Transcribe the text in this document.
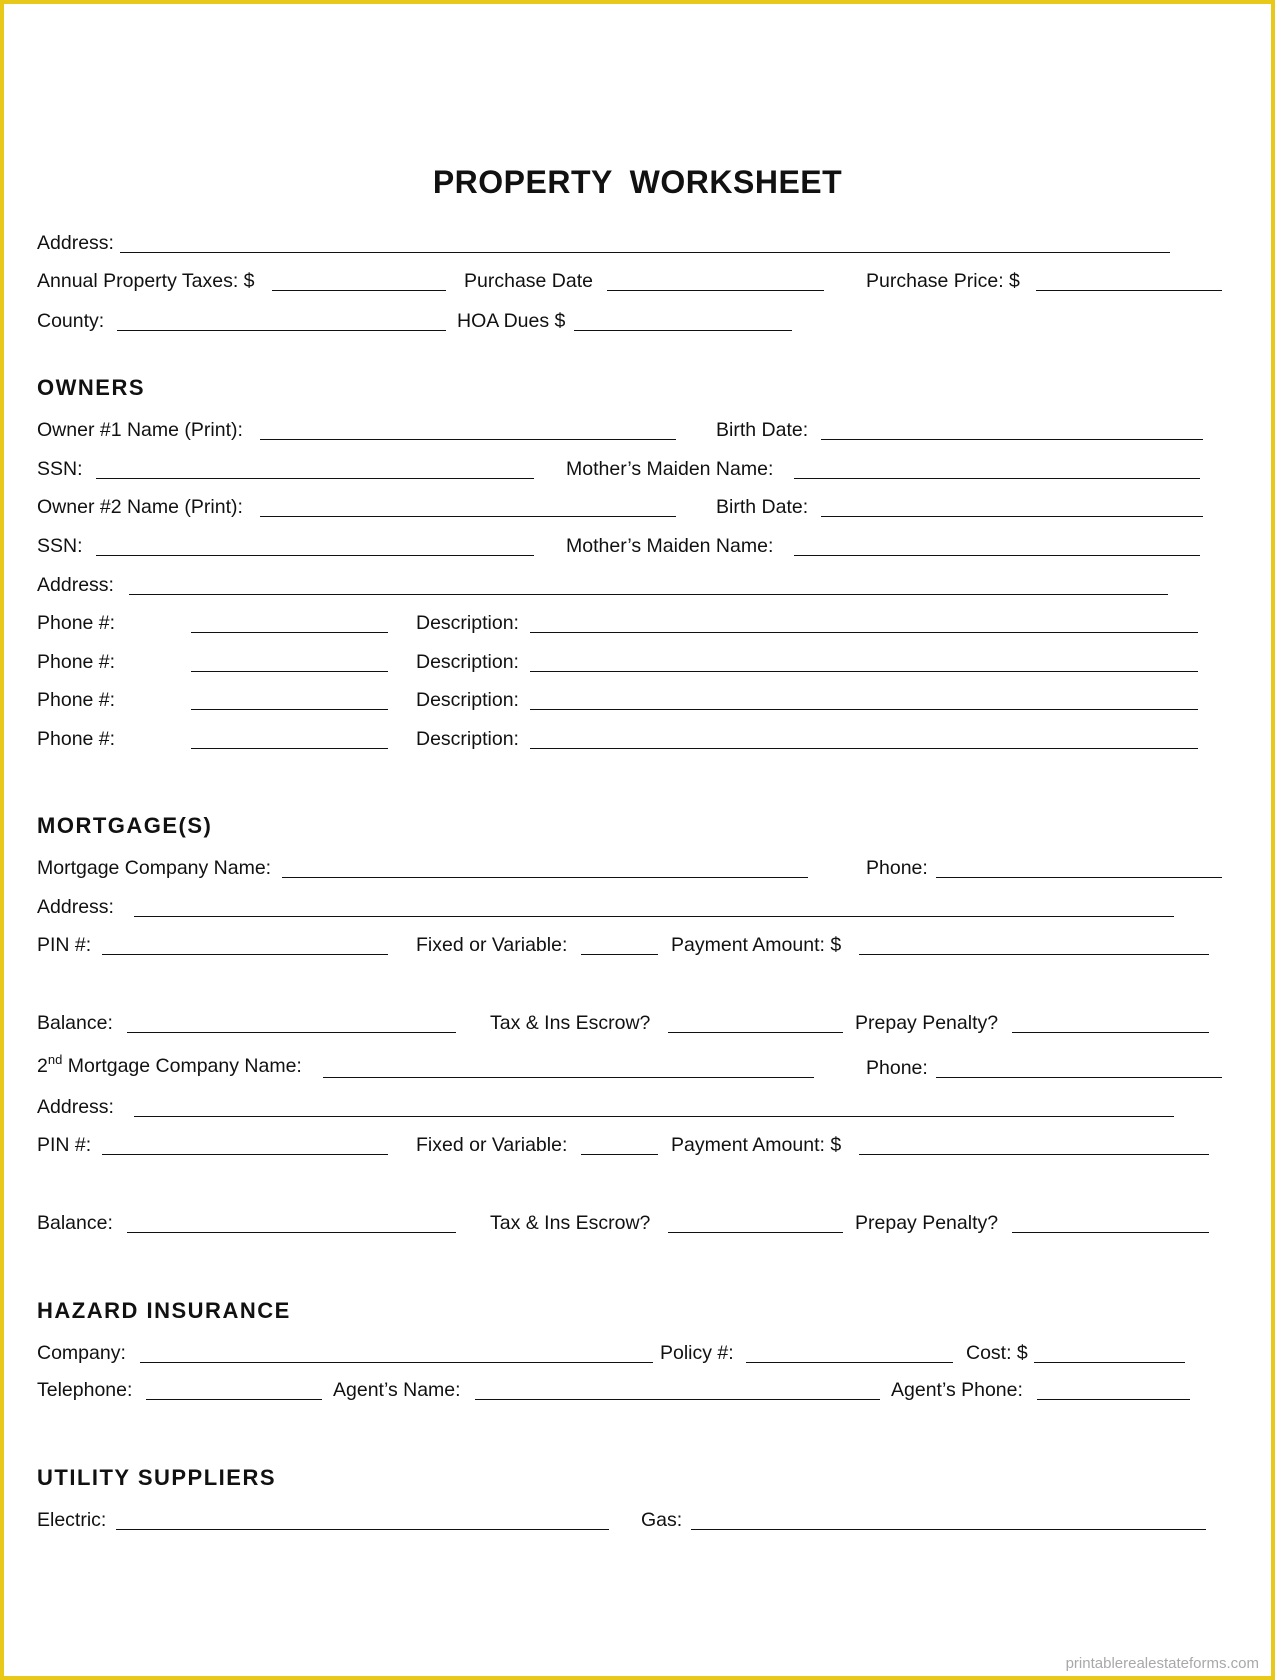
PROPERTY WORKSHEET
Address:
Annual Property Taxes: $	Purchase Date	Purchase Price: $
County:	HOA Dues $
OWNERS
Owner #1 Name (Print):	Birth Date:
SSN:	Mother’s Maiden Name:
Owner #2 Name (Print):	Birth Date:
SSN:	Mother’s Maiden Name:
Address:
Phone #:	Description:
Phone #:	Description:
Phone #:	Description:
Phone #:	Description:
MORTGAGE(S)
Mortgage Company Name:	Phone:
Address:
PIN #:	Fixed or Variable:	Payment Amount: $
Balance:	Tax & Ins Escrow?	Prepay Penalty?
2nd Mortgage Company Name:	Phone:
Address:
PIN #:	Fixed or Variable:	Payment Amount: $
Balance:	Tax & Ins Escrow?	Prepay Penalty?
HAZARD INSURANCE
Company:	Policy #:	Cost: $
Telephone:	Agent’s Name:	Agent’s Phone:
UTILITY SUPPLIERS
Electric:	Gas:
printablerealestateforms.com
